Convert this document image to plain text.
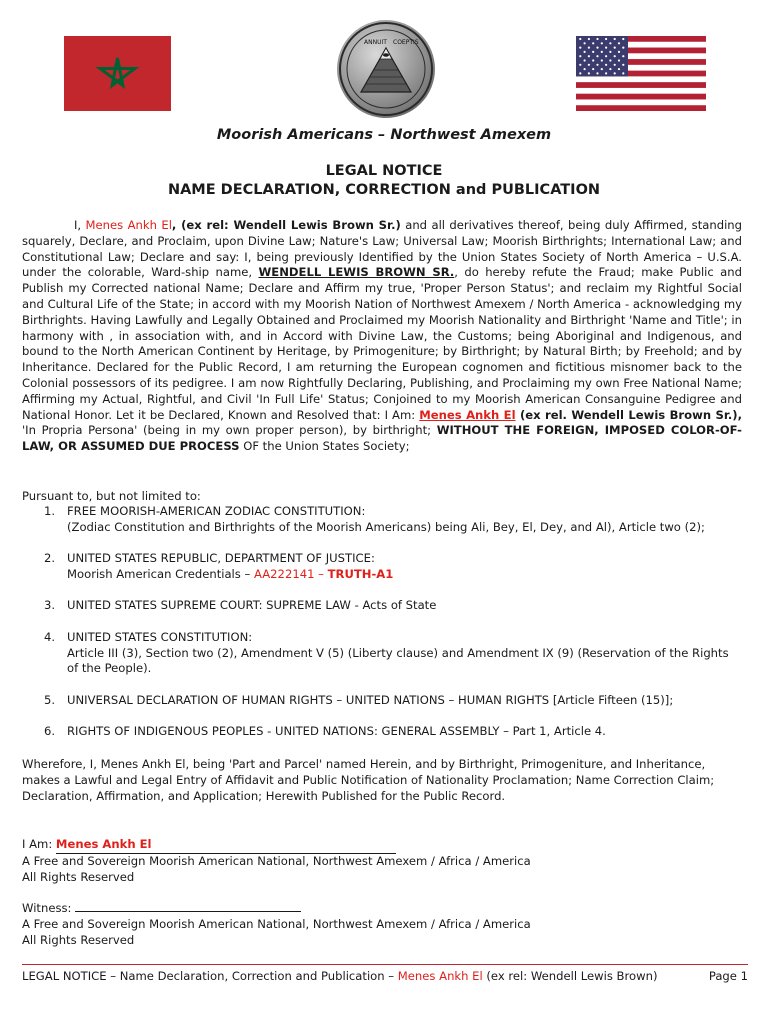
ANNUIT COEPTIS
Moorish Americans – Northwest Amexem
LEGAL NOTICE
NAME DECLARATION, CORRECTION and PUBLICATION
I, Menes Ankh El, (ex rel: Wendell Lewis Brown Sr.) and all derivatives thereof, being duly Affirmed, standing squarely, Declare, and Proclaim, upon Divine Law; Nature's Law; Universal Law; Moorish Birthrights; International Law; and Constitutional Law; Declare and say: I, being previously Identified by the Union States Society of North America – U.S.A. under the colorable, Ward-ship name, WENDELL LEWIS BROWN SR., do hereby refute the Fraud; make Public and Publish my Corrected national Name; Declare and Affirm my true, 'Proper Person Status'; and reclaim my Rightful Social and Cultural Life of the State; in accord with my Moorish Nation of Northwest Amexem / North America - acknowledging my Birthrights. Having Lawfully and Legally Obtained and Proclaimed my Moorish Nationality and Birthright 'Name and Title'; in harmony with , in association with, and in Accord with Divine Law, the Customs; being Aboriginal and Indigenous, and bound to the North American Continent by Heritage, by Primogeniture; by Birthright; by Natural Birth; by Freehold; and by Inheritance. Declared for the Public Record, I am returning the European cognomen and fictitious misnomer back to the Colonial possessors of its pedigree. I am now Rightfully Declaring, Publishing, and Proclaiming my own Free National Name; Affirming my Actual, Rightful, and Civil 'In Full Life' Status; Conjoined to my Moorish American Consanguine Pedigree and National Honor. Let it be Declared, Known and Resolved that: I Am: Menes Ankh El (ex rel. Wendell Lewis Brown Sr.), 'In Propria Persona' (being in my own proper person), by birthright; WITHOUT THE FOREIGN, IMPOSED COLOR-OF-LAW, OR ASSUMED DUE PROCESS OF the Union States Society;
Pursuant to, but not limited to:
1. FREE MOORISH-AMERICAN ZODIAC CONSTITUTION:
(Zodiac Constitution and Birthrights of the Moorish Americans) being Ali, Bey, El, Dey, and Al), Article two (2);
2. UNITED STATES REPUBLIC, DEPARTMENT OF JUSTICE:
Moorish American Credentials – AA222141 – TRUTH-A1
3. UNITED STATES SUPREME COURT: SUPREME LAW - Acts of State
4. UNITED STATES CONSTITUTION:
Article III (3), Section two (2), Amendment V (5) (Liberty clause) and Amendment IX (9) (Reservation of the Rights of the People).
5. UNIVERSAL DECLARATION OF HUMAN RIGHTS – UNITED NATIONS – HUMAN RIGHTS [Article Fifteen (15)];
6. RIGHTS OF INDIGENOUS PEOPLES - UNITED NATIONS: GENERAL ASSEMBLY – Part 1, Article 4.
Wherefore, I, Menes Ankh El, being 'Part and Parcel' named Herein, and by Birthright, Primogeniture, and Inheritance, makes a Lawful and Legal Entry of Affidavit and Public Notification of Nationality Proclamation; Name Correction Claim; Declaration, Affirmation, and Application; Herewith Published for the Public Record.
I Am: Menes Ankh El
A Free and Sovereign Moorish American National, Northwest Amexem / Africa / America
All Rights Reserved
Witness:
A Free and Sovereign Moorish American National, Northwest Amexem / Africa / America
All Rights Reserved
LEGAL NOTICE – Name Declaration, Correction and Publication – Menes Ankh El (ex rel: Wendell Lewis Brown)	Page 1
